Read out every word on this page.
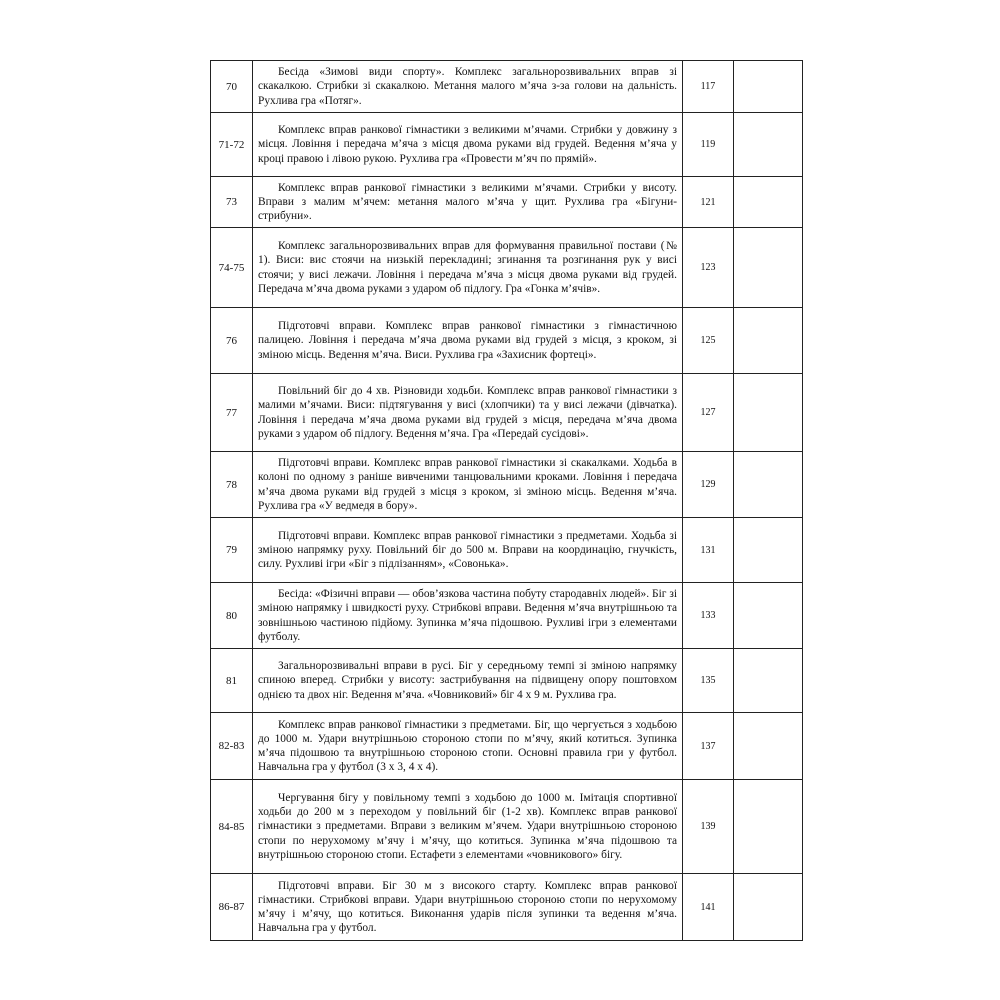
70	Бесіда «Зимові види спорту». Комплекс загальнорозвивальних вправ зі скакалкою. Стрибки зі скакалкою. Метання малого м’яча з-за голови на дальність. Рухлива гра «Потяг».	117	
71-72	Комплекс вправ ранкової гімнастики з великими м’ячами. Стрибки у довжину з місця. Ловіння і передача м’яча з місця двома руками від грудей. Ведення м’яча у кроці правою і лівою рукою. Рухлива гра «Провести м’яч по прямій».	119	
73	Комплекс вправ ранкової гімнастики з великими м’ячами. Стрибки у висоту. Вправи з малим м’ячем: метання малого м’яча у щит. Рухлива гра «Бігуни-стрибуни».	121	
74-75	Комплекс загальнорозвивальних вправ для формування правильної постави (№ 1). Виси: вис стоячи на низькій перекладині; згинання та розгинання рук у висі стоячи; у висі лежачи. Ловіння і передача м’яча з місця двома руками від грудей. Передача м’яча двома руками з ударом об підлогу. Гра «Гонка м’ячів».	123	
76	Підготовчі вправи. Комплекс вправ ранкової гімнастики з гімнастичною палицею. Ловіння і передача м’яча двома руками від грудей з місця, з кроком, зі зміною місць. Ведення м’яча. Виси. Рухлива гра «Захисник фортеці».	125	
77	Повільний біг до 4 хв. Різновиди ходьби. Комплекс вправ ранкової гімнастики з малими м’ячами. Виси: підтягування у висі (хлопчики) та у висі лежачи (дівчатка). Ловіння і передача м’яча двома руками від грудей з місця, передача м’яча двома руками з ударом об підлогу. Ведення м’яча. Гра «Передай сусідові».	127	
78	Підготовчі вправи. Комплекс вправ ранкової гімнастики зі скакалками. Ходьба в колоні по одному з раніше вивченими танцювальними кроками. Ловіння і передача м’яча двома руками від грудей з місця з кроком, зі зміною місць. Ведення м’яча. Рухлива гра «У ведмедя в бору».	129	
79	Підготовчі вправи. Комплекс вправ ранкової гімнастики з предметами. Ходьба зі зміною напрямку руху. Повільний біг до 500 м. Вправи на координацію, гнучкість, силу. Рухливі ігри «Біг з підлізанням», «Совонька».	131	
80	Бесіда: «Фізичні вправи — обов’язкова частина побуту стародавніх людей». Біг зі зміною напрямку і швидкості руху. Стрибкові вправи. Ведення м’яча внутрішньою та зовнішньою частиною підйому. Зупинка м’яча підошвою. Рухливі ігри з елементами футболу.	133	
81	Загальнорозвивальні вправи в русі. Біг у середньому темпі зі зміною напрямку спиною вперед. Стрибки у висоту: застрибування на підвищену опору поштовхом однією та двох ніг. Ведення м’яча. «Човниковий» біг 4 х 9 м. Рухлива гра.	135	
82-83	Комплекс вправ ранкової гімнастики з предметами. Біг, що чергується з ходьбою до 1000 м. Удари внутрішньою стороною стопи по м’ячу, який котиться. Зупинка м’яча підошвою та внутрішньою стороною стопи. Основні правила гри у футбол. Навчальна гра у футбол (3 х 3, 4 х 4).	137	
84-85	Чергування бігу у повільному темпі з ходьбою до 1000 м. Імітація спортивної ходьби до 200 м з переходом у повільний біг (1-2 хв). Комплекс вправ ранкової гімнастики з предметами. Вправи з великим м’ячем. Удари внутрішньою стороною стопи по нерухомому м’ячу і м’ячу, що котиться. Зупинка м’яча підошвою та внутрішньою стороною стопи. Естафети з елементами «човникового» бігу.	139	
86-87	Підготовчі вправи. Біг 30 м з високого старту. Комплекс вправ ранкової гімнастики. Стрибкові вправи. Удари внутрішньою стороною стопи по нерухомому м’ячу і м’ячу, що котиться. Виконання ударів після зупинки та ведення м’яча. Навчальна гра у футбол.	141	
